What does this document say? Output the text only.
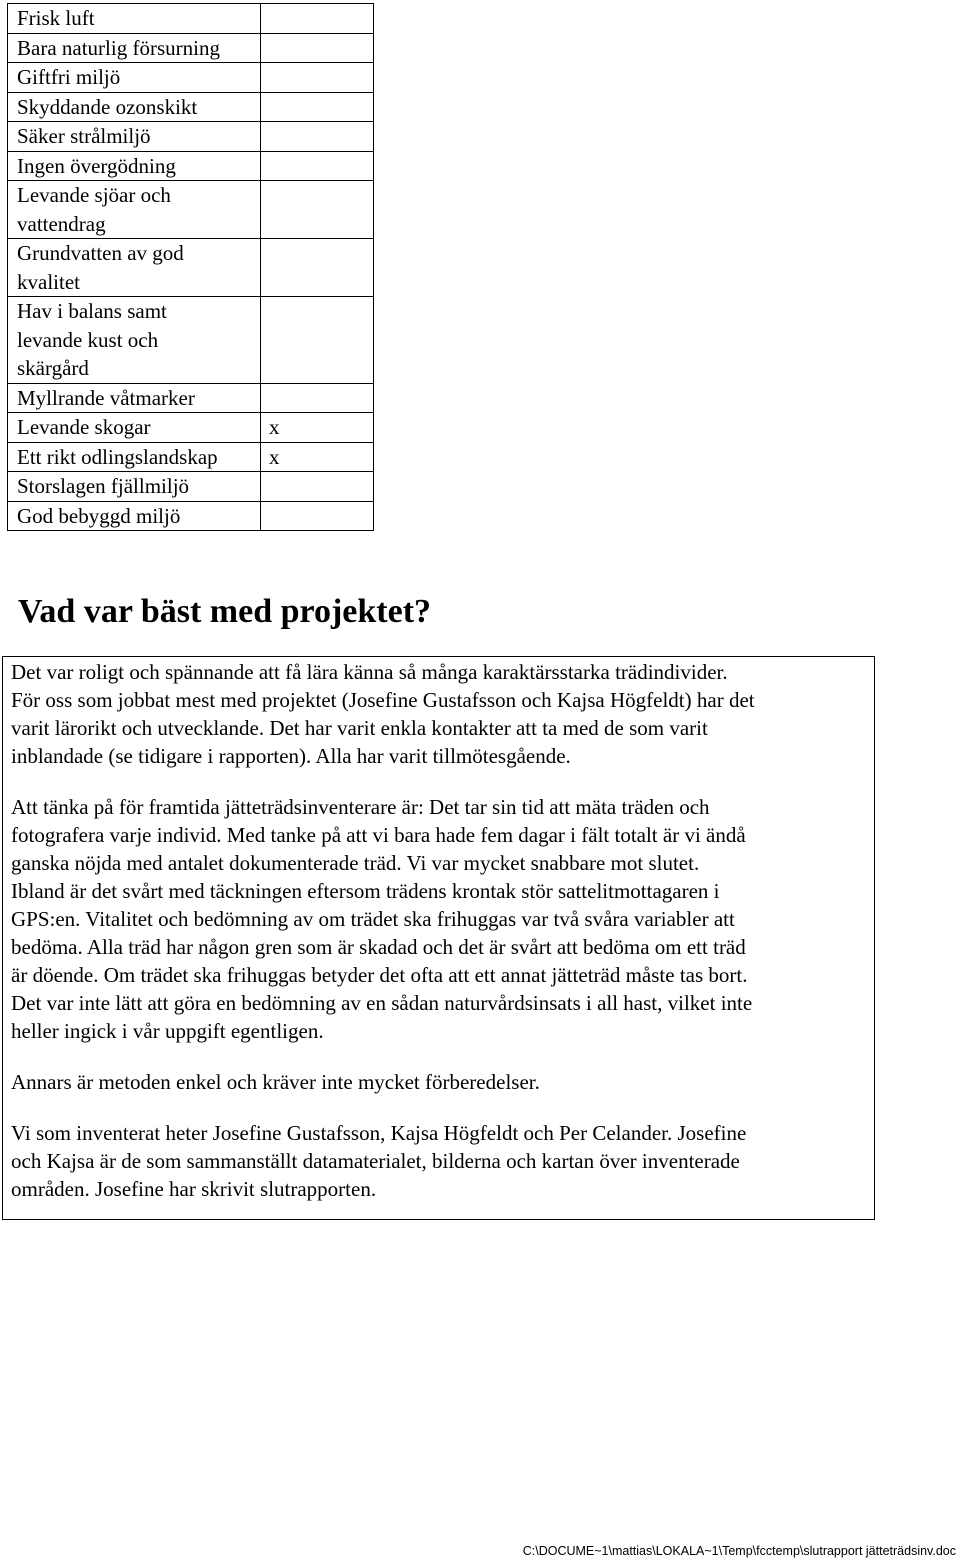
Frisk luft	
Bara naturlig försurning	
Giftfri miljö	
Skyddande ozonskikt	
Säker strålmiljö	
Ingen övergödning	
Levande sjöar och
vattendrag	
Grundvatten av god
kvalitet	
Hav i balans samt
levande kust och
skärgård	
Myllrande våtmarker	
Levande skogar	x
Ett rikt odlingslandskap	x
Storslagen fjällmiljö	
God bebyggd miljö	
Vad var bäst med projektet?

Det var roligt och spännande att få lära känna så många karaktärsstarka trädindivider.
För oss som jobbat mest med projektet (Josefine Gustafsson och Kajsa Högfeldt) har det
varit lärorikt och utvecklande. Det har varit enkla kontakter att ta med de som varit
inblandade (se tidigare i rapporten). Alla har varit tillmötesgående.

Att tänka på för framtida jätteträdsinventerare är: Det tar sin tid att mäta träden och
fotografera varje individ. Med tanke på att vi bara hade fem dagar i fält totalt är vi ändå
ganska nöjda med antalet dokumenterade träd. Vi var mycket snabbare mot slutet.
Ibland är det svårt med täckningen eftersom trädens krontak stör sattelitmottagaren i
GPS:en. Vitalitet och bedömning av om trädet ska frihuggas var två svåra variabler att
bedöma. Alla träd har någon gren som är skadad och det är svårt att bedöma om ett träd
är döende. Om trädet ska frihuggas betyder det ofta att ett annat jätteträd måste tas bort.
Det var inte lätt att göra en bedömning av en sådan naturvårdsinsats i all hast, vilket inte
heller ingick i vår uppgift egentligen.

Annars är metoden enkel och kräver inte mycket förberedelser.

Vi som inventerat heter Josefine Gustafsson, Kajsa Högfeldt och Per Celander. Josefine
och Kajsa är de som sammanställt datamaterialet, bilderna och kartan över inventerade
områden. Josefine har skrivit slutrapporten.

C:\DOCUME~1\mattias\LOKALA~1\Temp\fcctemp\slutrapport jätteträdsinv.doc
